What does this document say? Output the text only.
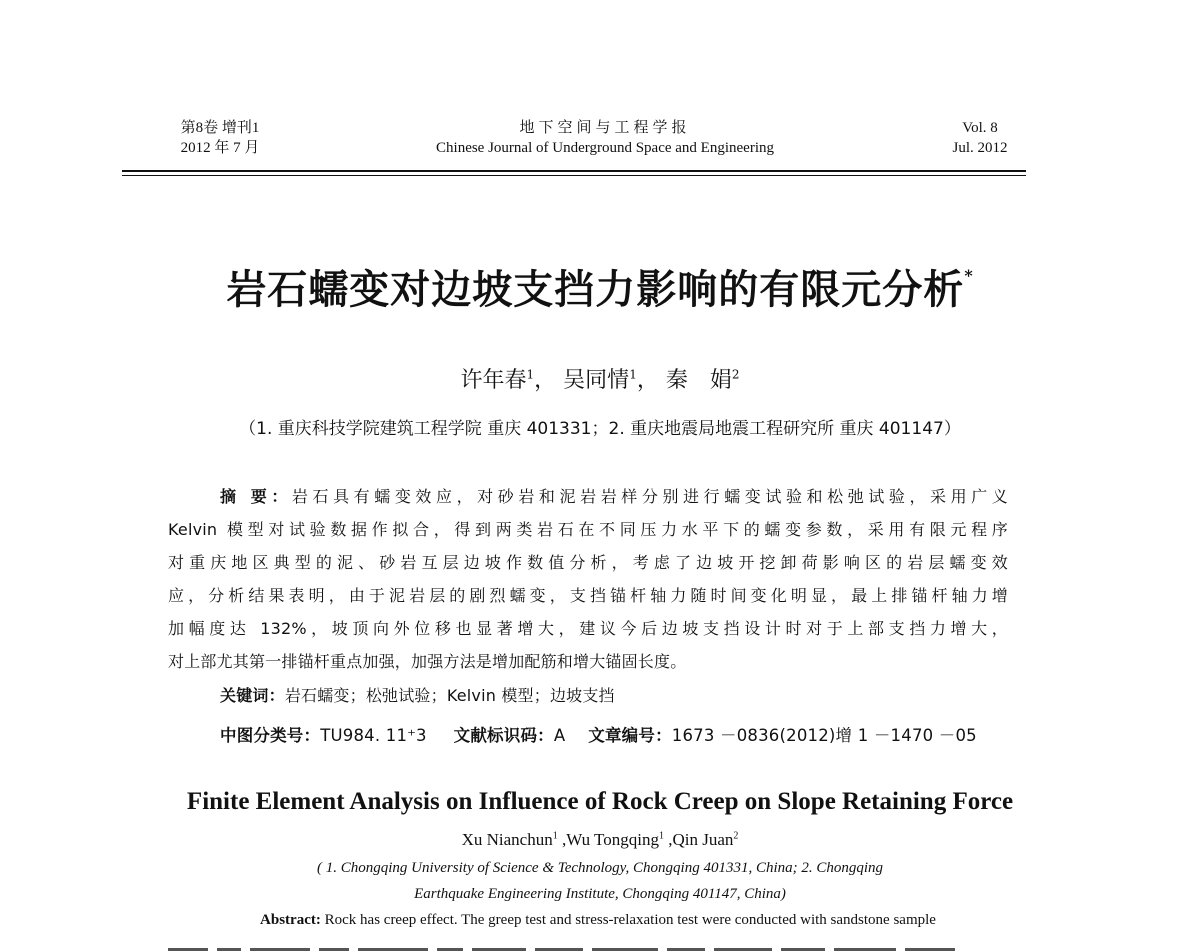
第8卷 增刊1
2012 年 7 月
地下空间与工程学报
Chinese Journal of Underground Space and Engineering
Vol. 8
Jul. 2012
岩石蠕变对边坡支挡力影响的有限元分析*
许年春$^1$， 吴同情$^1$， 秦　娟$^2$
（1. 重庆科技学院建筑工程学院 重庆 401331；2. 重庆地震局地震工程研究所 重庆 401147）
摘 要：岩石具有蠕变效应，对砂岩和泥岩岩样分别进行蠕变试验和松弛试验，采用广义
Kelvin 模型对试验数据作拟合，得到两类岩石在不同压力水平下的蠕变参数，采用有限元程序
对重庆地区典型的泥、砂岩互层边坡作数值分析，考虑了边坡开挖卸荷影响区的岩层蠕变效
应，分析结果表明，由于泥岩层的剧烈蠕变，支挡锚杆轴力随时间变化明显，最上排锚杆轴力增
加幅度达 132%，坡顶向外位移也显著增大，建议今后边坡支挡设计时对于上部支挡力增大，
对上部尤其第一排锚杆重点加强，加强方法是增加配筋和增大锚固长度。
关键词：岩石蠕变；松弛试验；Kelvin 模型；边坡支挡
中图分类号：TU984. 11⁺3 文献标识码：A 文章编号：1673 －0836(2012)增 1 －1470 －05
Finite Element Analysis on Influence of Rock Creep on Slope Retaining Force
Xu Nianchun$^1$ ,Wu Tongqing$^1$ ,Qin Juan$^2$
( 1. Chongqing University of Science & Technology, Chongqing 401331, China; 2. Chongqing
Earthquake Engineering Institute, Chongqing 401147, China)
Abstract: Rock has creep effect. The greep test and stress-relaxation test were conducted with sandstone sample
